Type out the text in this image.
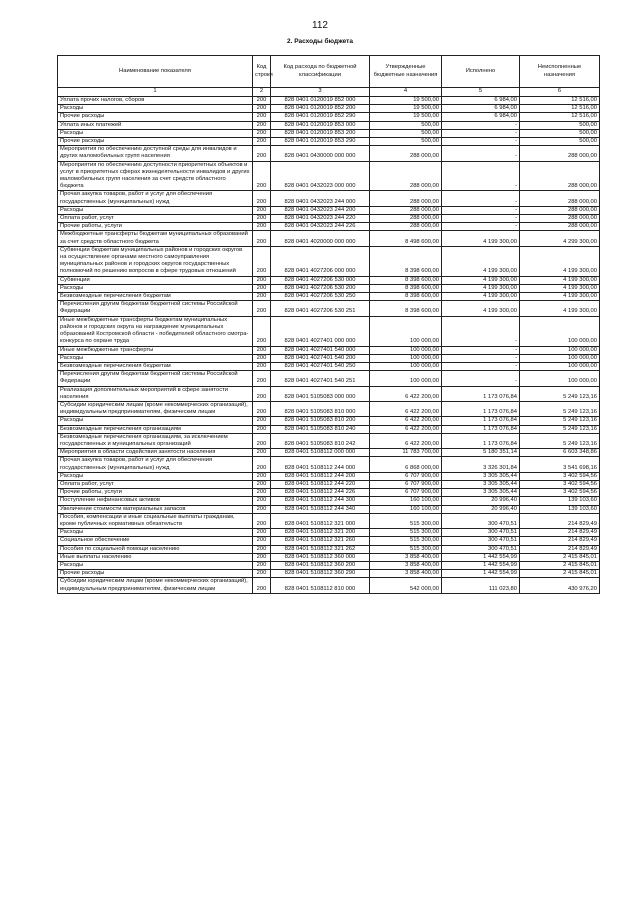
112
2. Расходы бюджета
Наименование показателя	Код строки	Код расхода по бюджетной классификации	Утвержденные бюджетные назначения	Исполнено	Неисполненные назначения
1	2	3	4	5	6
Уплата прочих налогов, сборов	200	828 0401 0120019 852 000	19 500,00	6 984,00	12 516,00
Расходы	200	828 0401 0120019 852 200	19 500,00	6 984,00	12 516,00
Прочие расходы	200	828 0401 0120019 852 290	19 500,00	6 984,00	12 516,00
Уплата иных платежей	200	828 0401 0120019 853 000	500,00	-	500,00
Расходы	200	828 0401 0120019 853 200	500,00	-	500,00
Прочие расходы	200	828 0401 0120019 853 290	500,00	-	500,00
Мероприятия по обеспечению доступной среды для инвалидов и других маломобильных групп населения	200	828 0401 0430000 000 000	288 000,00	-	288 000,00
Мероприятия по обеспечению доступности приоритетных объектов и услуг в приоритетных сферах жизнедеятельности инвалидов и других маломобильных групп населения за счет средств областного бюджета	200	828 0401 0432023 000 000	288 000,00	-	288 000,00
Прочая закупка товаров, работ и услуг для обеспечения государственных (муниципальных) нужд	200	828 0401 0432023 244 000	288 000,00	-	288 000,00
Расходы	200	828 0401 0432023 244 200	288 000,00	-	288 000,00
Оплата работ, услуг	200	828 0401 0432023 244 220	288 000,00	-	288 000,00
Прочие работы, услуги	200	828 0401 0432023 244 226	288 000,00	-	288 000,00
Межбюджетные трансферты бюджетам муниципальных образований за счет средств областного бюджета	200	828 0401 4020000 000 000	8 498 600,00	4 199 300,00	4 299 300,00
Субвенции бюджетам муниципальных районов и городских округов на осуществление органами местного самоуправления муниципальных районов и городских округов государственных полномочий по решению вопросов в сфере трудовых отношений	200	828 0401 4027206 000 000	8 398 600,00	4 199 300,00	4 199 300,00
Субвенции	200	828 0401 4027206 530 000	8 398 600,00	4 199 300,00	4 199 300,00
Расходы	200	828 0401 4027206 530 200	8 398 600,00	4 199 300,00	4 199 300,00
Безвозмездные перечисления бюджетам	200	828 0401 4027206 530 250	8 398 600,00	4 199 300,00	4 199 300,00
Перечисления другим бюджетам бюджетной системы Российской Федерации	200	828 0401 4027206 530 251	8 398 600,00	4 199 300,00	4 199 300,00
Иные межбюджетные трансферты бюджетам муниципальных районов и городских округа на награждение муниципальных образований Костромской области - победителей областного смотра-конкурса по охране труда	200	828 0401 4027401 000 000	100 000,00	-	100 000,00
Иные межбюджетные трансферты	200	828 0401 4027401 540 000	100 000,00	-	100 000,00
Расходы	200	828 0401 4027401 540 200	100 000,00	-	100 000,00
Безвозмездные перечисления бюджетам	200	828 0401 4027401 540 250	100 000,00	-	100 000,00
Перечисления другим бюджетам бюджетной системы Российской Федерации	200	828 0401 4027401 540 251	100 000,00	-	100 000,00
Реализация дополнительных мероприятий в сфере занятости населения	200	828 0401 5105083 000 000	6 422 200,00	1 173 076,84	5 249 123,16
Субсидии юридическим лицам (кроме некоммерческих организаций), индивидуальным предпринимателям, физическим лицам	200	828 0401 5105083 810 000	6 422 200,00	1 173 076,84	5 249 123,16
Расходы	200	828 0401 5105083 810 200	6 422 200,00	1 173 076,84	5 249 123,16
Безвозмездные перечисления организациям	200	828 0401 5105083 810 240	6 422 200,00	1 173 076,84	5 249 123,16
Безвозмездные перечисления организациям, за исключением государственных и муниципальных организаций	200	828 0401 5105083 810 242	6 422 200,00	1 173 076,84	5 249 123,16
Мероприятия в области содействия занятости населения	200	828 0401 5108112 000 000	11 783 700,00	5 180 351,14	6 603 348,86
Прочая закупка товаров, работ и услуг для обеспечения государственных (муниципальных) нужд	200	828 0401 5108112 244 000	6 868 000,00	3 326 301,84	3 541 698,16
Расходы	200	828 0401 5108112 244 200	6 707 900,00	3 305 305,44	3 402 594,56
Оплата работ, услуг	200	828 0401 5108112 244 220	6 707 900,00	3 305 305,44	3 402 594,56
Прочие работы, услуги	200	828 0401 5108112 244 226	6 707 900,00	3 305 305,44	3 402 594,56
Поступление нефинансовых активов	200	828 0401 5108112 244 300	160 100,00	20 996,40	139 103,60
Увеличение стоимости материальных запасов	200	828 0401 5108112 244 340	160 100,00	20 996,40	139 103,60
Пособия, компенсации и иные социальные выплаты гражданам, кроме публичных нормативных обязательств	200	828 0401 5108112 321 000	515 300,00	300 470,51	214 829,49
Расходы	200	828 0401 5108112 321 200	515 300,00	300 470,51	214 829,49
Социальное обеспечение	200	828 0401 5108112 321 260	515 300,00	300 470,51	214 829,49
Пособия по социальной помощи населению	200	828 0401 5108112 321 262	515 300,00	300 470,51	214 829,49
Иные выплаты населению	200	828 0401 5108112 360 000	3 858 400,00	1 442 554,99	2 415 845,01
Расходы	200	828 0401 5108112 360 200	3 858 400,00	1 442 554,99	2 415 845,01
Прочие расходы	200	828 0401 5108112 360 290	3 858 400,00	1 442 554,99	2 415 845,01
Субсидии юридическим лицам (кроме некоммерческих организаций), индивидуальным предпринимателям, физическим лицам	200	828 0401 5108112 810 000	542 000,00	111 023,80	430 976,20
